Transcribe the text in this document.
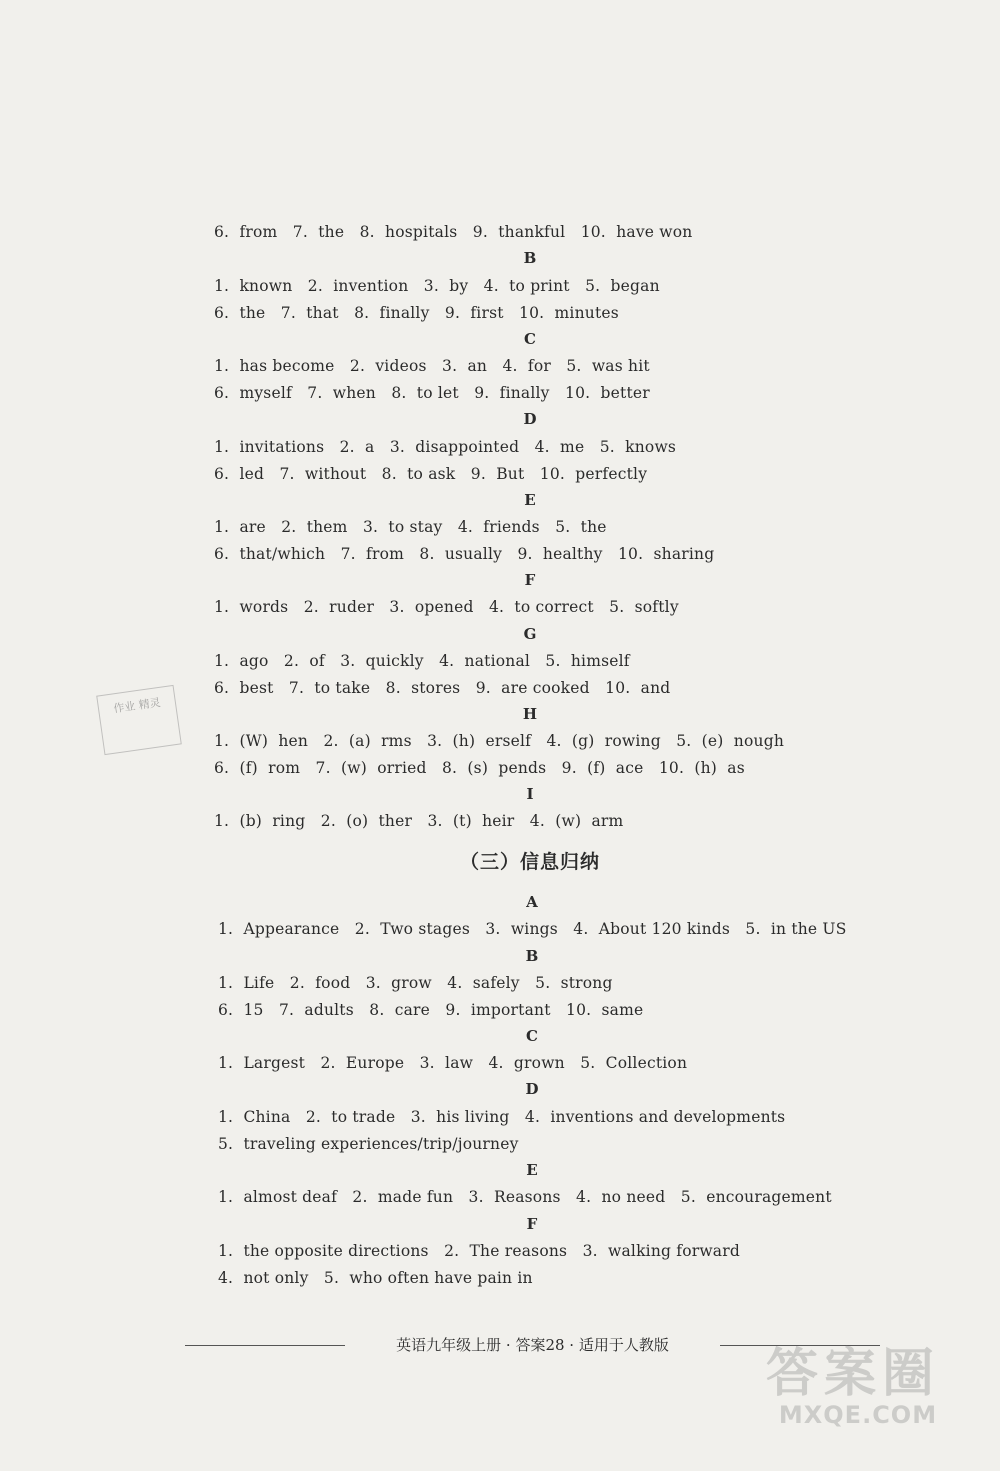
6.  from   7.  the   8.  hospitals   9.  thankful   10.  have won
B
1.  known   2.  invention   3.  by   4.  to print   5.  began
6.  the   7.  that   8.  finally   9.  first   10.  minutes
C
1.  has become   2.  videos   3.  an   4.  for   5.  was hit
6.  myself   7.  when   8.  to let   9.  finally   10.  better
D
1.  invitations   2.  a   3.  disappointed   4.  me   5.  knows
6.  led   7.  without   8.  to ask   9.  But   10.  perfectly
E
1.  are   2.  them   3.  to stay   4.  friends   5.  the
6.  that/which   7.  from   8.  usually   9.  healthy   10.  sharing
F
1.  words   2.  ruder   3.  opened   4.  to correct   5.  softly
G
1.  ago   2.  of   3.  quickly   4.  national   5.  himself
6.  best   7.  to take   8.  stores   9.  are cooked   10.  and
H
1.  (W)  hen   2.  (a)  rms   3.  (h)  erself   4.  (g)  rowing   5.  (e)  nough
6.  (f)  rom   7.  (w)  orried   8.  (s)  pends   9.  (f)  ace   10.  (h)  as
I
1.  (b)  ring   2.  (o)  ther   3.  (t)  heir   4.  (w)  arm
（三）信息归纳
A
1.  Appearance   2.  Two stages   3.  wings   4.  About 120 kinds   5.  in the US
B
1.  Life   2.  food   3.  grow   4.  safely   5.  strong
6.  15   7.  adults   8.  care   9.  important   10.  same
C
1.  Largest   2.  Europe   3.  law   4.  grown   5.  Collection
D
1.  China   2.  to trade   3.  his living   4.  inventions and developments
5.  traveling experiences/trip/journey
E
1.  almost deaf   2.  made fun   3.  Reasons   4.  no need   5.  encouragement
F
1.  the opposite directions   2.  The reasons   3.  walking forward
4.  not only   5.  who often have pain in
英语九年级上册 · 答案28 · 适用于人教版
作业 精灵
答案圈
MXQE.COM
